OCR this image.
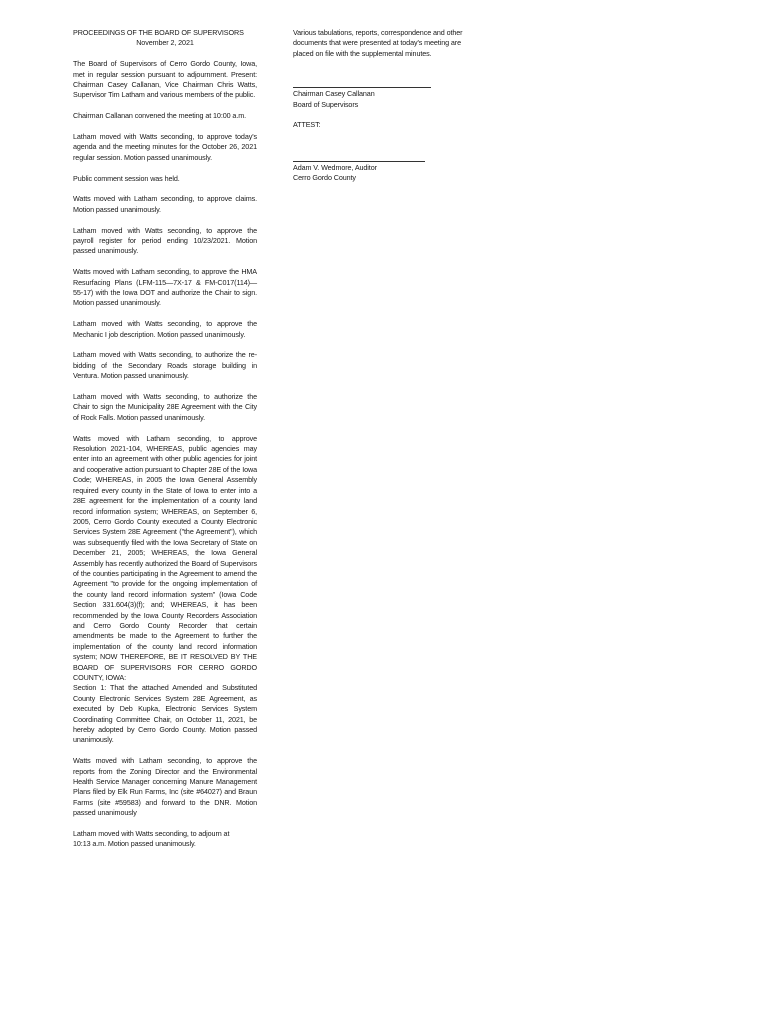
PROCEEDINGS OF THE BOARD OF SUPERVISORS
November 2, 2021

The Board of Supervisors of Cerro Gordo County, Iowa, met in regular session pursuant to adjournment. Present: Chairman Casey Callanan, Vice Chairman Chris Watts, Supervisor Tim Latham and various members of the public.

Chairman Callanan convened the meeting at 10:00 a.m.

Latham moved with Watts seconding, to approve today's agenda and the meeting minutes for the October 26, 2021 regular session. Motion passed unanimously.

Public comment session was held.

Watts moved with Latham seconding, to approve claims. Motion passed unanimously.

Latham moved with Watts seconding, to approve the payroll register for period ending 10/23/2021. Motion passed unanimously.

Watts moved with Latham seconding, to approve the HMA Resurfacing Plans (LFM-115—7X-17 & FM-C017(114)—55-17) with the Iowa DOT and authorize the Chair to sign. Motion passed unanimously.

Latham moved with Watts seconding, to approve the Mechanic I job description. Motion passed unanimously.

Latham moved with Watts seconding, to authorize the re-bidding of the Secondary Roads storage building in Ventura. Motion passed unanimously.

Latham moved with Watts seconding, to authorize the Chair to sign the Municipality 28E Agreement with the City of Rock Falls. Motion passed unanimously.

Watts moved with Latham seconding, to approve Resolution 2021-104, WHEREAS, public agencies may enter into an agreement with other public agencies for joint and cooperative action pursuant to Chapter 28E of the Iowa Code; WHEREAS, in 2005 the Iowa General Assembly required every county in the State of Iowa to enter into a 28E agreement for the implementation of a county land record information system; WHEREAS, on September 6, 2005, Cerro Gordo County executed a County Electronic Services System 28E Agreement ("the Agreement"), which was subsequently filed with the Iowa Secretary of State on December 21, 2005; WHEREAS, the Iowa General Assembly has recently authorized the Board of Supervisors of the counties participating in the Agreement to amend the Agreement "to provide for the ongoing implementation of the county land record information system" (Iowa Code Section 331.604(3)(f); and; WHEREAS, it has been recommended by the Iowa County Recorders Association and Cerro Gordo County Recorder that certain amendments be made to the Agreement to further the implementation of the county land record information system; NOW THEREFORE, BE IT RESOLVED BY THE BOARD OF SUPERVISORS FOR CERRO GORDO COUNTY, IOWA:

Section 1: That the attached Amended and Substituted County Electronic Services System 28E Agreement, as executed by Deb Kupka, Electronic Services System Coordinating Committee Chair, on October 11, 2021, be hereby adopted by Cerro Gordo County. Motion passed unanimously.

Watts moved with Latham seconding, to approve the reports from the Zoning Director and the Environmental Health Service Manager concerning Manure Management Plans filed by Elk Run Farms, Inc (site #64027) and Braun Farms (site #59583) and forward to the DNR. Motion passed unanimously

Latham moved with Watts seconding, to adjourn at
10:13 a.m. Motion passed unanimously.

Various tabulations, reports, correspondence and other documents that were presented at today's meeting are placed on file with the supplemental minutes.

Chairman Casey Callanan
Board of Supervisors
ATTEST:
Adam V. Wedmore, Auditor
Cerro Gordo County
